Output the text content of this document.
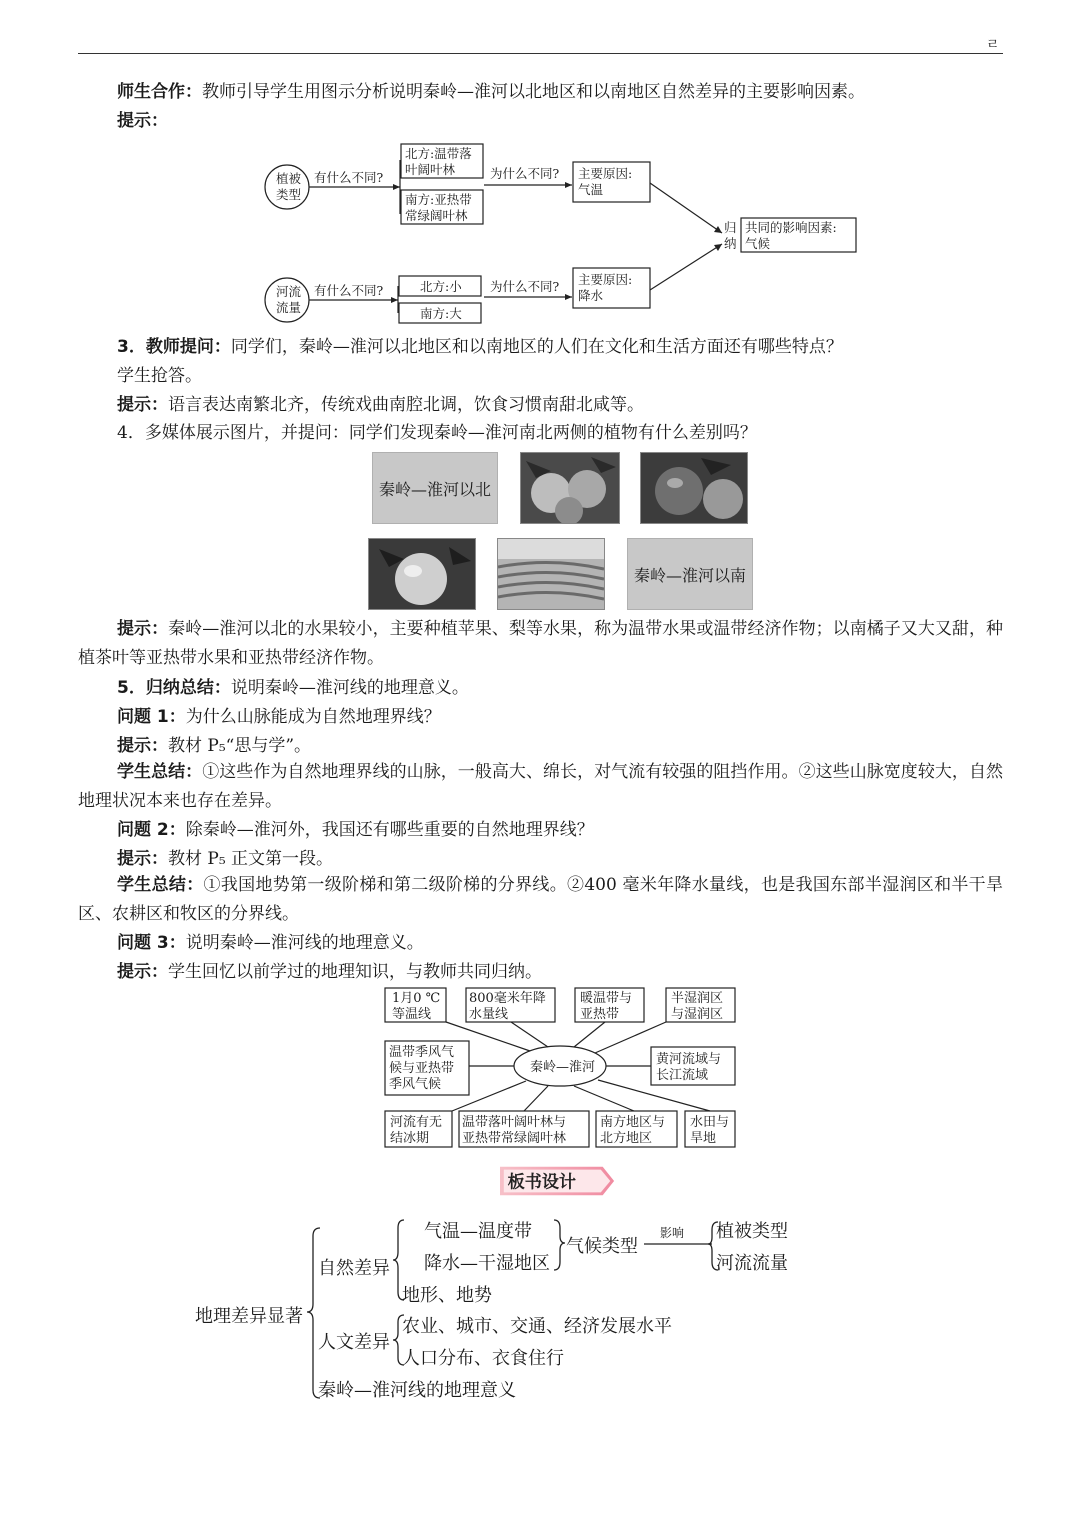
ㄹ
师生合作：教师引导学生用图示分析说明秦岭—淮河以北地区和以南地区自然差异的主要影响因素。
提示：
植被
类型
河流
流量
有什么不同?
有什么不同?
北方:温带落
叶阔叶林
南方:亚热带
常绿阔叶林
北方:小
南方:大
为什么不同?
为什么不同?
主要原因:
气温
主要原因:
降水
归
纳
共同的影响因素:
气候
3．教师提问：同学们，秦岭—淮河以北地区和以南地区的人们在文化和生活方面还有哪些特点？
学生抢答。
提示：语言表达南繁北齐，传统戏曲南腔北调，饮食习惯南甜北咸等。
4．多媒体展示图片，并提问：同学们发现秦岭—淮河南北两侧的植物有什么差别吗？
秦岭—淮河以北
秦岭—淮河以南
提示：秦岭—淮河以北的水果较小，主要种植苹果、梨等水果，称为温带水果或温带经济作物；以南橘子又大又甜，种植茶叶等亚热带水果和亚热带经济作物。
5．归纳总结：说明秦岭—淮河线的地理意义。
问题 1：为什么山脉能成为自然地理界线？
提示：教材 P₅“思与学”。
学生总结：①这些作为自然地理界线的山脉，一般高大、绵长，对气流有较强的阻挡作用。②这些山脉宽度较大，自然地理状况本来也存在差异。
问题 2：除秦岭—淮河外，我国还有哪些重要的自然地理界线？
提示：教材 P₅ 正文第一段。
学生总结：①我国地势第一级阶梯和第二级阶梯的分界线。②400 毫米年降水量线，也是我国东部半湿润区和半干旱区、农耕区和牧区的分界线。
问题 3：说明秦岭—淮河线的地理意义。
提示：学生回忆以前学过的地理知识，与教师共同归纳。
秦岭—淮河
1月0 ℃
等温线
800毫米年降
水量线
暖温带与
亚热带
半湿润区
与湿润区
温带季风气
候与亚热带
季风气候
黄河流域与
长江流域
河流有无
结冰期
温带落叶阔叶林与
亚热带常绿阔叶林
南方地区与
北方地区
水田与
旱地
板书设计
地理差异显著
自然差异
气温—温度带
降水—干湿地区
气候类型
影响 植被类型
河流流量
地形、地势
人文差异
农业、城市、交通、经济发展水平
人口分布、衣食住行
秦岭—淮河线的地理意义
